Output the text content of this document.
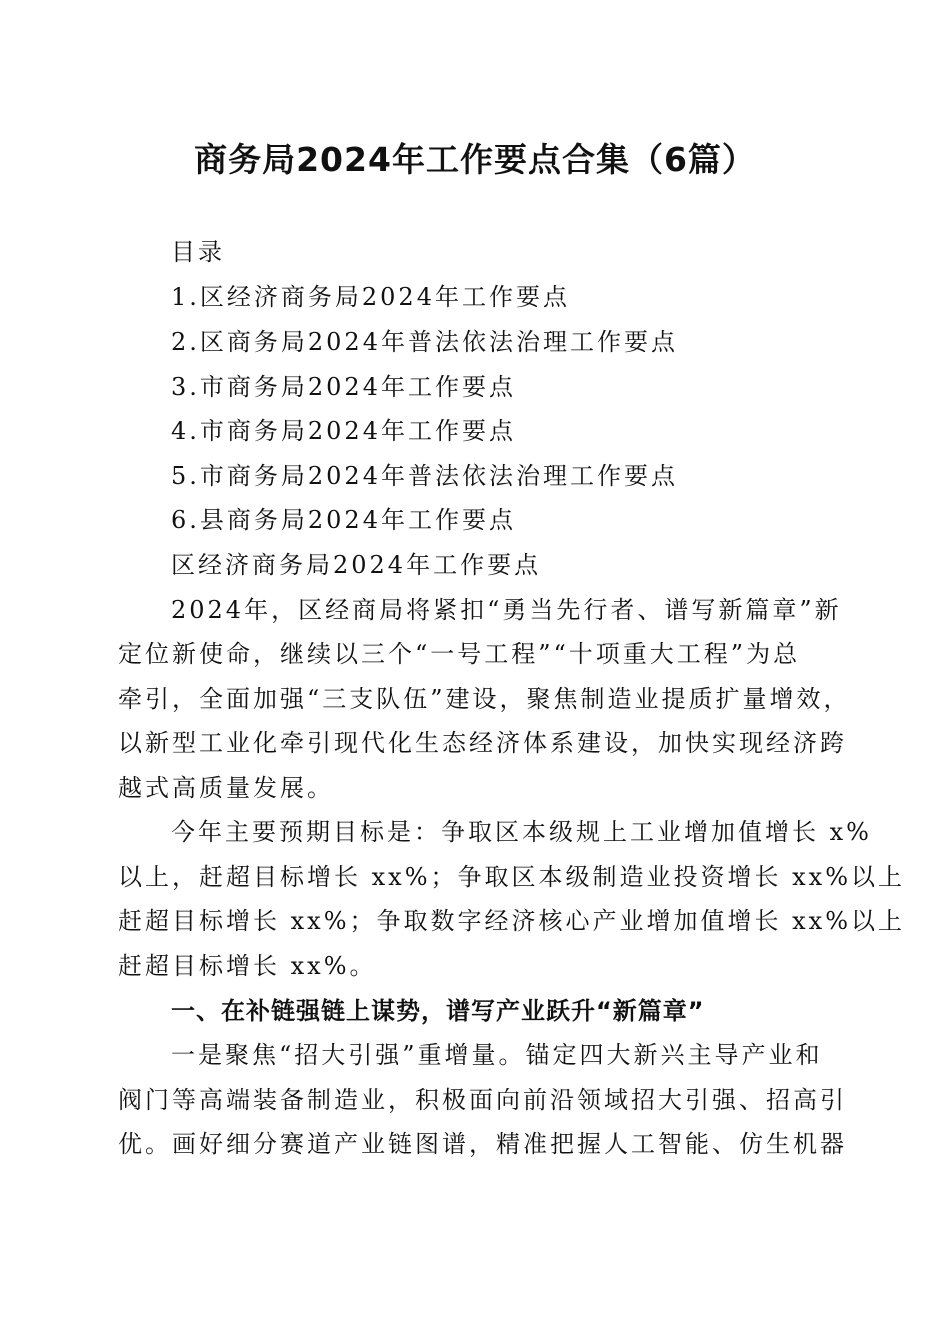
商务局2024年工作要点合集（6篇）
目录
1.区经济商务局2024年工作要点
2.区商务局2024年普法依法治理工作要点
3.市商务局2024年工作要点
4.市商务局2024年工作要点
5.市商务局2024年普法依法治理工作要点
6.县商务局2024年工作要点
区经济商务局2024年工作要点
2024年，区经商局将紧扣“勇当先行者、谱写新篇章”新
定位新使命，继续以三个“一号工程”“十项重大工程”为总
牵引，全面加强“三支队伍”建设，聚焦制造业提质扩量增效，
以新型工业化牵引现代化生态经济体系建设，加快实现经济跨
越式高质量发展。
今年主要预期目标是：争取区本级规上工业增加值增长 x%
以上，赶超目标增长 xx%；争取区本级制造业投资增长 xx%以上
赶超目标增长 xx%；争取数字经济核心产业增加值增长 xx%以上
赶超目标增长 xx%。
一、在补链强链上谋势，谱写产业跃升“新篇章”
一是聚焦“招大引强”重增量。锚定四大新兴主导产业和
阀门等高端装备制造业，积极面向前沿领域招大引强、招高引
优。画好细分赛道产业链图谱，精准把握人工智能、仿生机器
